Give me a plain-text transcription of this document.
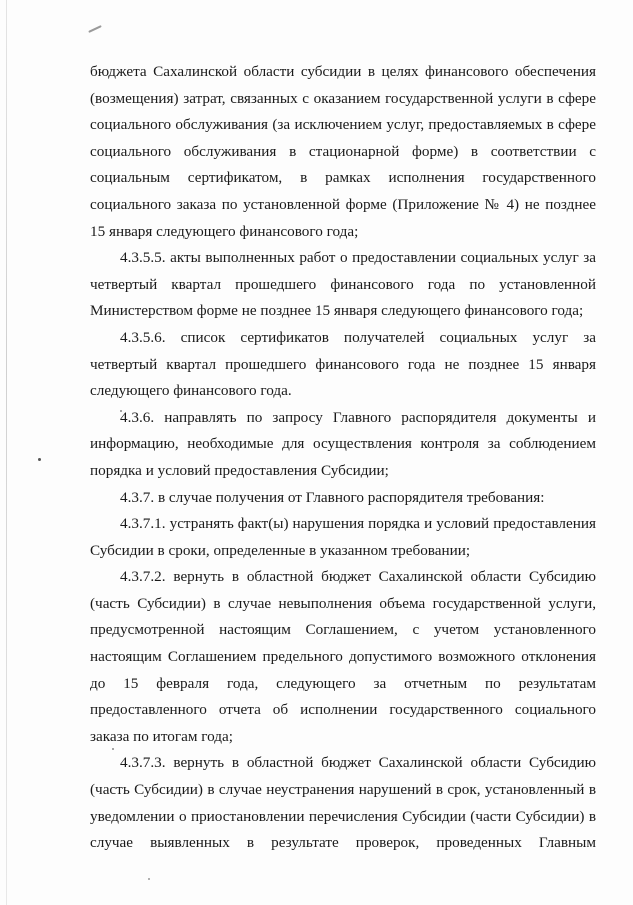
бюджета Сахалинской области субсидии в целях финансового обеспечения (возмещения) затрат, связанных с оказанием государственной услуги в сфере социального обслуживания (за исключением услуг, предоставляемых в сфере социального обслуживания в стационарной форме) в соответствии с социальным сертификатом, в рамках исполнения государственного социального заказа по установленной форме (Приложение № 4) не позднее 15 января следующего финансового года;

4.3.5.5. акты выполненных работ о предоставлении социальных услуг за четвертый квартал прошедшего финансового года по установленной Министерством форме не позднее 15 января следующего финансового года;

4.3.5.6. список сертификатов получателей социальных услуг за четвертый квартал прошедшего финансового года не позднее 15 января следующего финансового года.

4.3.6. направлять по запросу Главного распорядителя документы и информацию, необходимые для осуществления контроля за соблюдением порядка и условий предоставления Субсидии;

4.3.7. в случае получения от Главного распорядителя требования:

4.3.7.1. устранять факт(ы) нарушения порядка и условий предоставления Субсидии в сроки, определенные в указанном требовании;

4.3.7.2. вернуть в областной бюджет Сахалинской области Субсидию (часть Субсидии) в случае невыполнения объема государственной услуги, предусмотренной настоящим Соглашением, с учетом установленного настоящим Соглашением предельного допустимого возможного отклонения до 15 февраля года, следующего за отчетным по результатам предоставленного отчета об исполнении государственного социального заказа по итогам года;

4.3.7.3. вернуть в областной бюджет Сахалинской области Субсидию (часть Субсидии) в случае неустранения нарушений в срок, установленный в уведомлении о приостановлении перечисления Субсидии (части Субсидии) в случае выявленных в результате проверок, проведенных Главным
